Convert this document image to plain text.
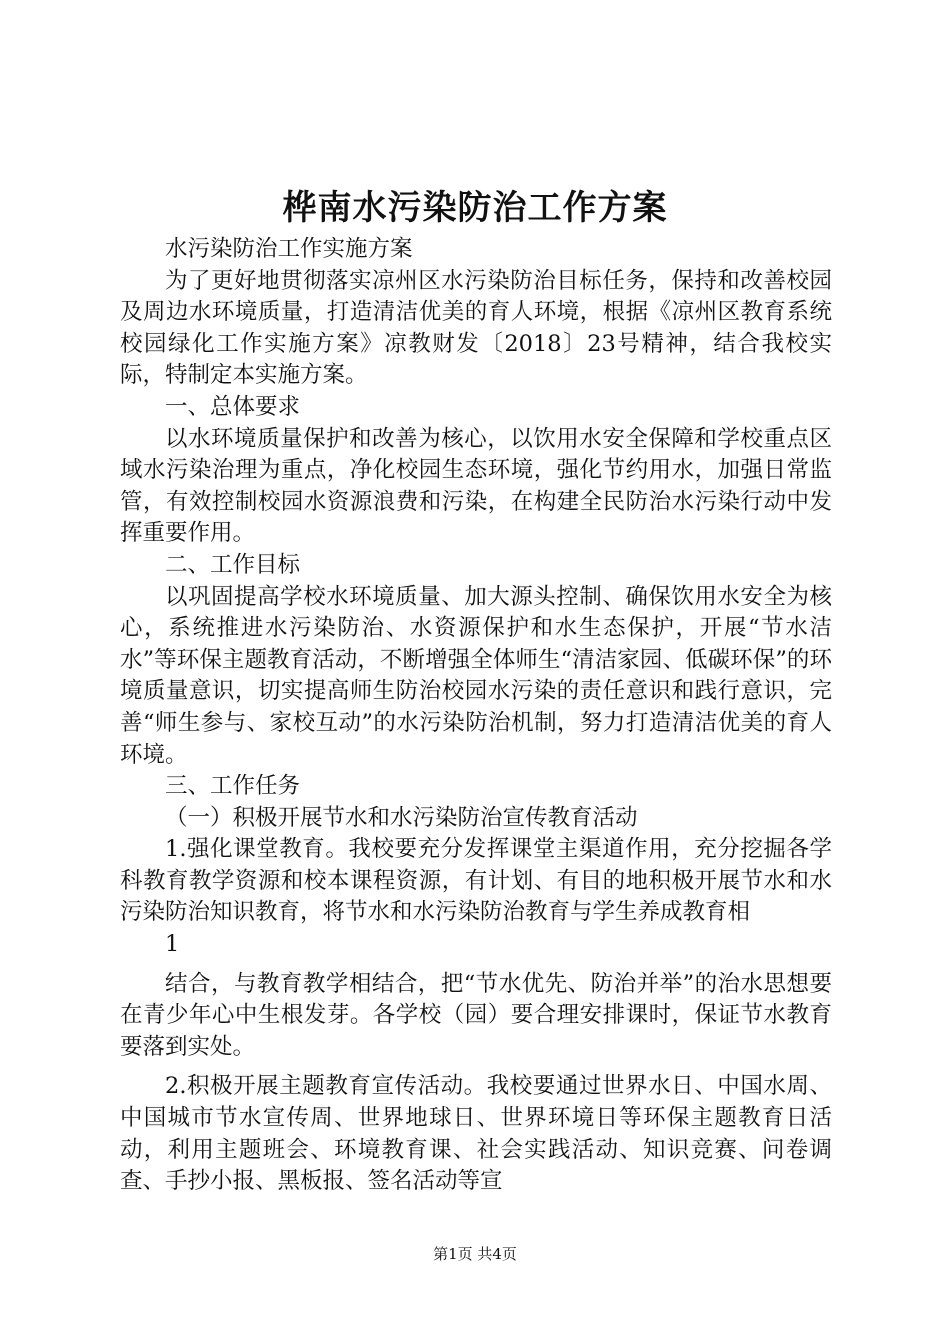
桦南水污染防治工作方案

水污染防治工作实施方案

为了更好地贯彻落实凉州区水污染防治目标任务，保持和改善校园及周边水环境质量，打造清洁优美的育人环境，根据《凉州区教育系统校园绿化工作实施方案》凉教财发〔2018〕23号精神，结合我校实际，特制定本实施方案。

一、总体要求

以水环境质量保护和改善为核心，以饮用水安全保障和学校重点区域水污染治理为重点，净化校园生态环境，强化节约用水，加强日常监管，有效控制校园水资源浪费和污染，在构建全民防治水污染行动中发挥重要作用。

二、工作目标

以巩固提高学校水环境质量、加大源头控制、确保饮用水安全为核心，系统推进水污染防治、水资源保护和水生态保护，开展“节水洁水”等环保主题教育活动，不断增强全体师生“清洁家园、低碳环保”的环境质量意识，切实提高师生防治校园水污染的责任意识和践行意识，完善“师生参与、家校互动”的水污染防治机制，努力打造清洁优美的育人环境。

三、工作任务

（一）积极开展节水和水污染防治宣传教育活动

1.强化课堂教育。我校要充分发挥课堂主渠道作用，充分挖掘各学科教育教学资源和校本课程资源，有计划、有目的地积极开展节水和水污染防治知识教育，将节水和水污染防治教育与学生养成教育相

1

结合，与教育教学相结合，把“节水优先、防治并举”的治水思想要在青少年心中生根发芽。各学校（园）要合理安排课时，保证节水教育要落到实处。

2.积极开展主题教育宣传活动。我校要通过世界水日、中国水周、中国城市节水宣传周、世界地球日、世界环境日等环保主题教育日活动，利用主题班会、环境教育课、社会实践活动、知识竞赛、问卷调查、手抄小报、黑板报、签名活动等宣

第1页 共4页
